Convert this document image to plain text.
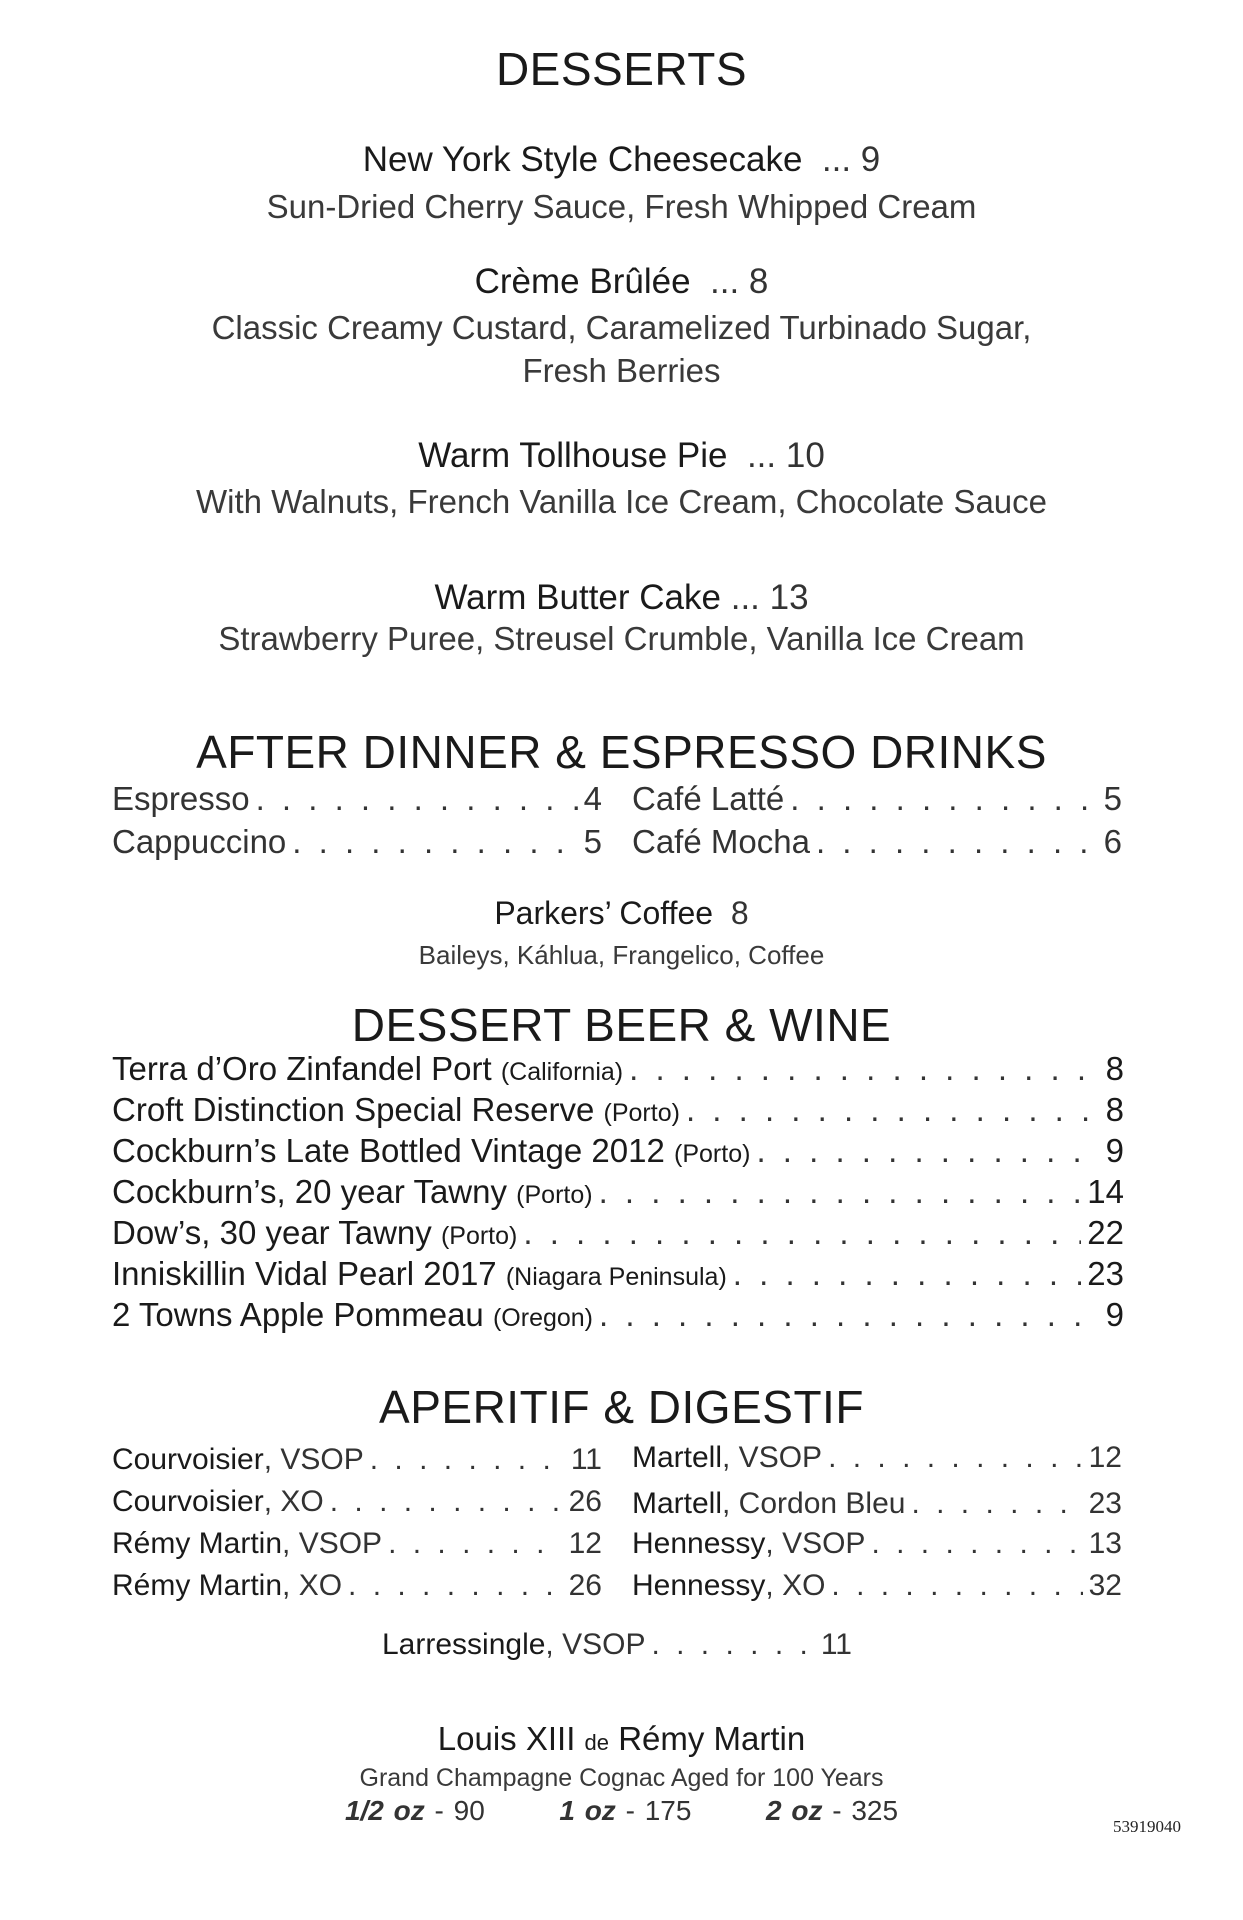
DESSERTS
New York Style Cheesecake ... 9
Sun-Dried Cherry Sauce, Fresh Whipped Cream
Crème Brûlée ... 8
Classic Creamy Custard, Caramelized Turbinado Sugar,
Fresh Berries
Warm Tollhouse Pie ... 10
With Walnuts, French Vanilla Ice Cream, Chocolate Sauce
Warm Butter Cake ... 13
Strawberry Puree, Streusel Crumble, Vanilla Ice Cream
AFTER DINNER & ESPRESSO DRINKS
Espresso . . .	4
Cappuccino . . .	5
Café Latté . . .	5
Café Mocha . . .	6
Parkers’ Coffee 8
Baileys, Káhlua, Frangelico, Coffee
DESSERT BEER & WINE
Terra d’Oro Zinfandel Port (California) . . .	8
Croft Distinction Special Reserve (Porto) . . .	8
Cockburn’s Late Bottled Vintage 2012 (Porto) . . .	9
Cockburn’s, 20 year Tawny (Porto) . . .	14
Dow’s, 30 year Tawny (Porto) . . .	22
Inniskillin Vidal Pearl 2017 (Niagara Peninsula) . . .	23
2 Towns Apple Pommeau (Oregon) . . .	9
APERITIF & DIGESTIF
Courvoisier, VSOP . . .	11
Courvoisier, XO . . .	26
Rémy Martin, VSOP . . .	12
Rémy Martin, XO . . .	26
Martell, VSOP . . .	12
Martell, Cordon Bleu . . .	23
Hennessy, VSOP . . .	13
Hennessy, XO . . .	32
Larressingle, VSOP . . .	11
Louis XIII de Rémy Martin
Grand Champagne Cognac Aged for 100 Years
1/2 oz - 90	1 oz - 175	2 oz - 325
53919040
